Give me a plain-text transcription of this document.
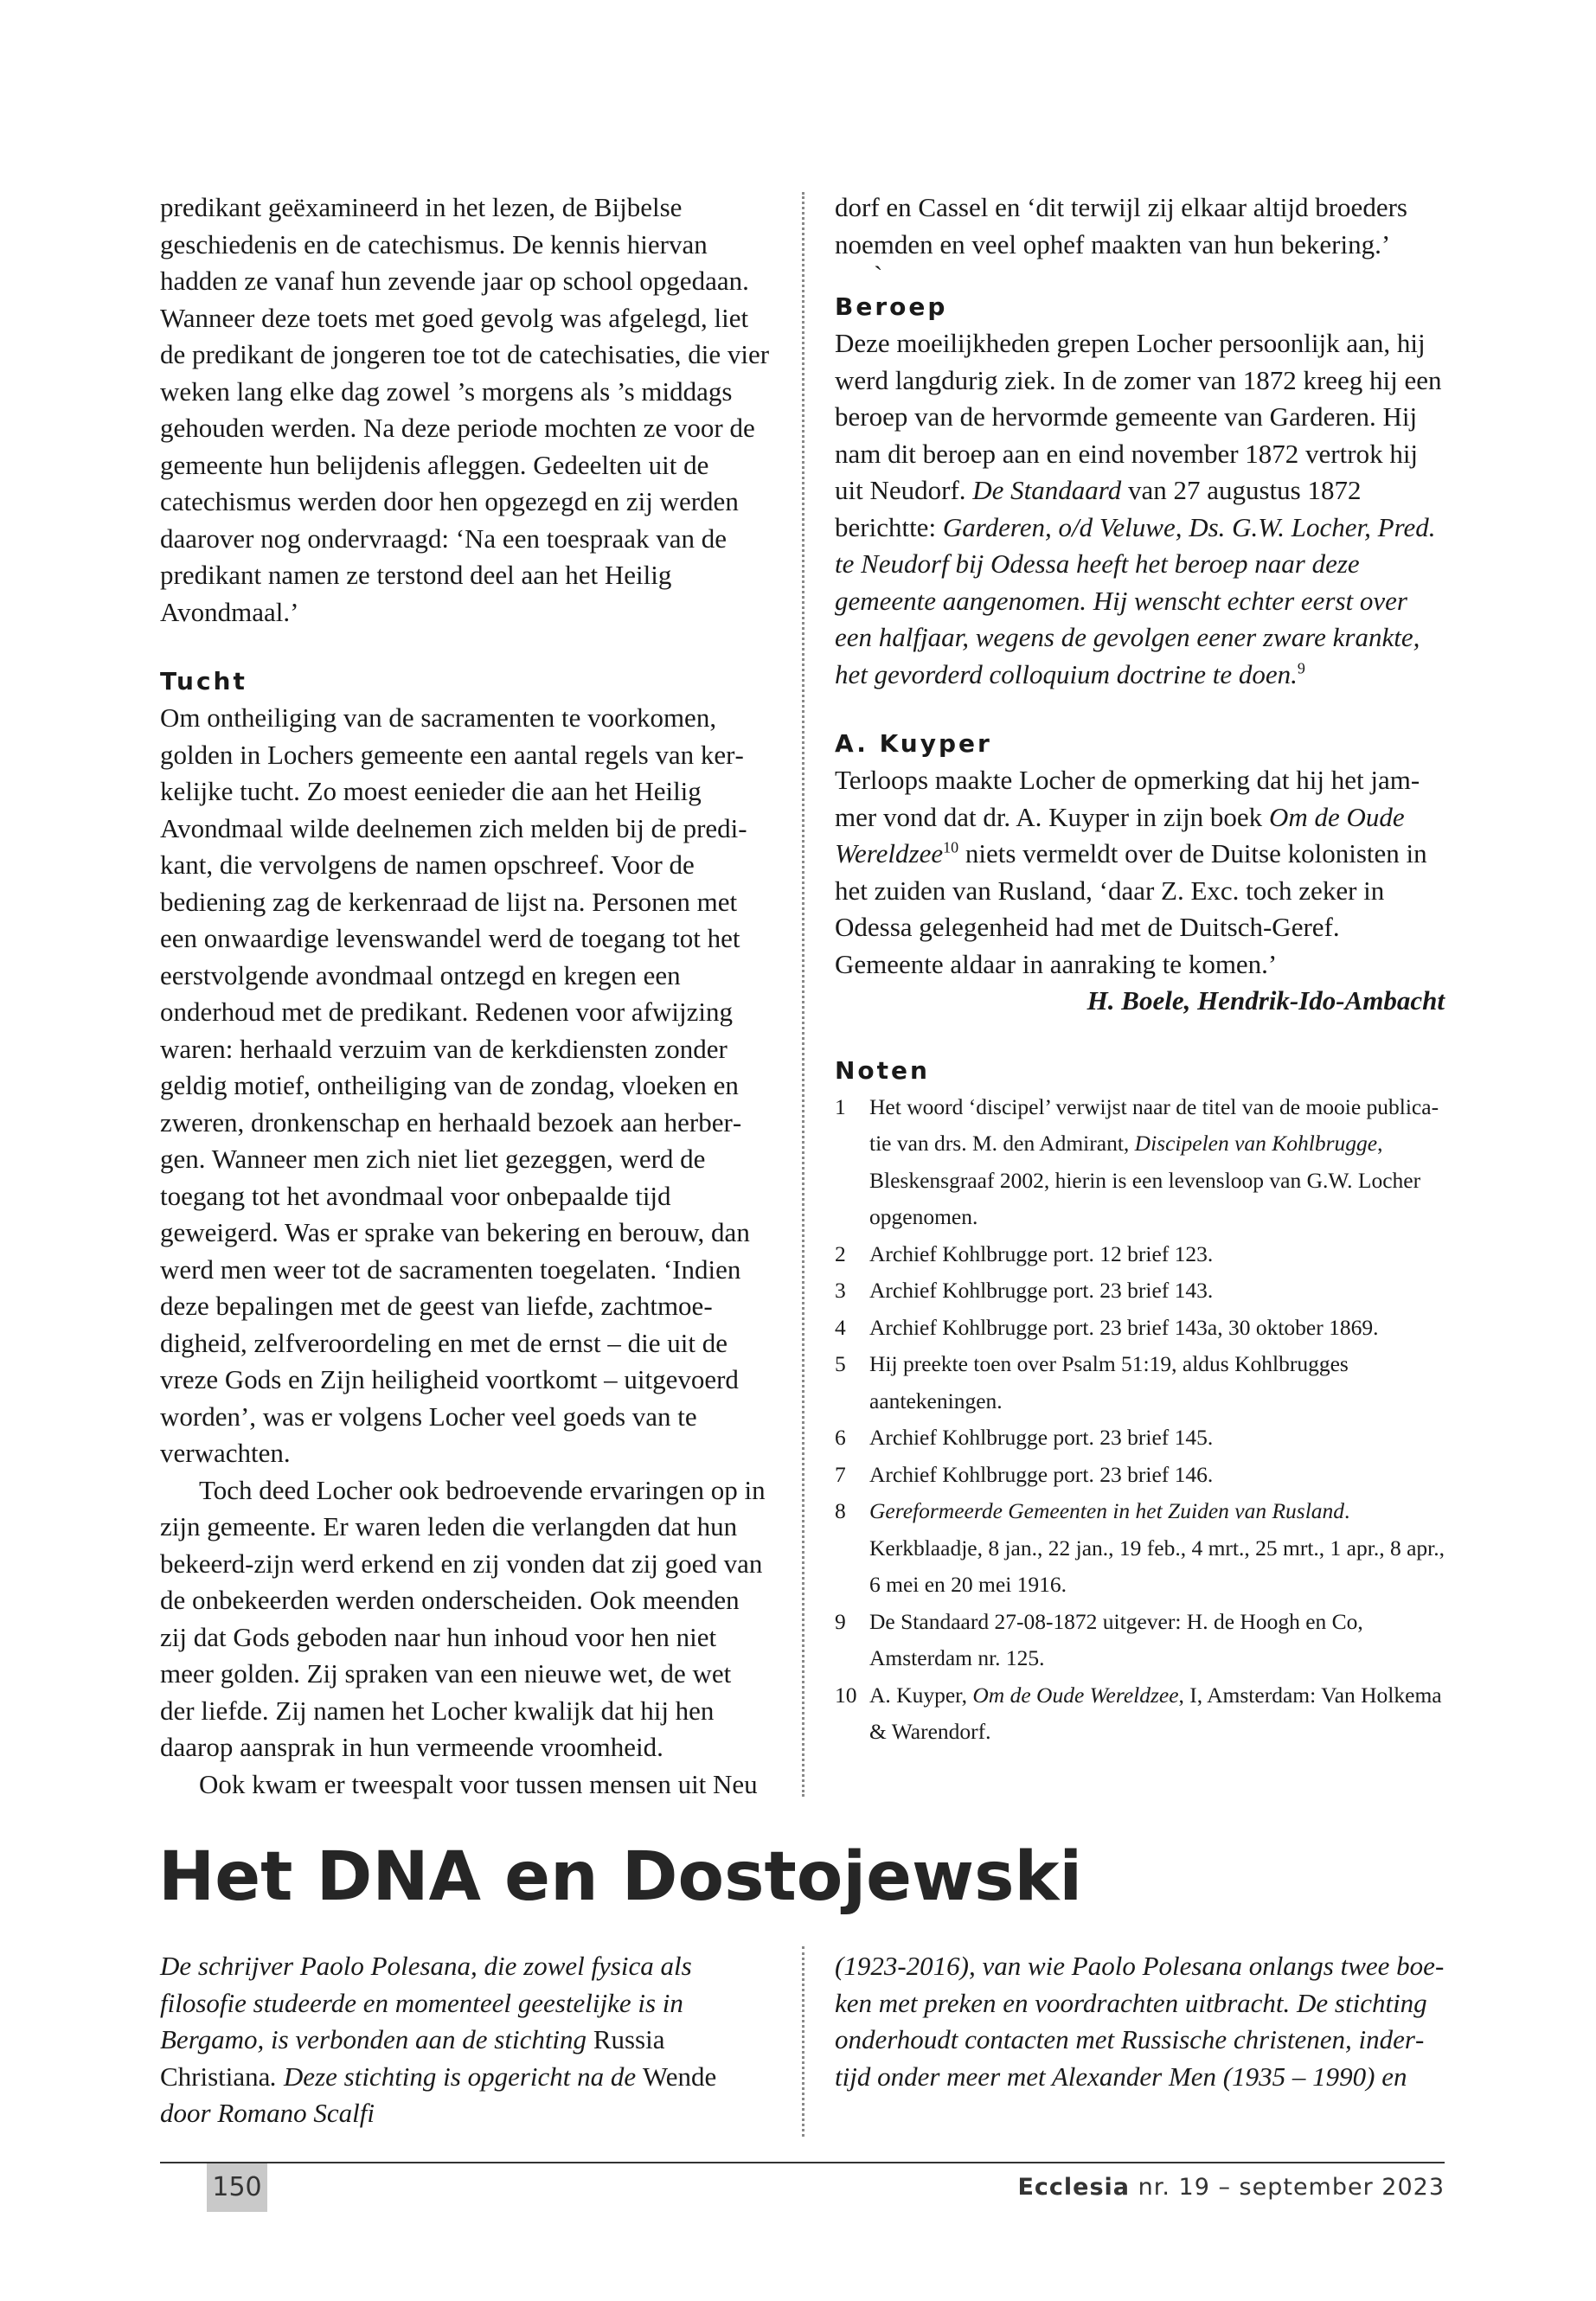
predikant geëxamineerd in het lezen, de Bijbelse geschiedenis en de catechismus. De kennis hiervan hadden ze vanaf hun zevende jaar op school opgedaan. Wanneer deze toets met goed gevolg was afgelegd, liet de predikant de jongeren toe tot de catechisaties, die vier weken lang elke dag zowel ’s morgens als ’s middags gehouden werden. Na deze periode mochten ze voor de gemeente hun belijdenis afleggen. Gedeelten uit de catechismus werden door hen opgezegd en zij werden daarover nog ondervraagd: ‘Na een toespraak van de predikant namen ze terstond deel aan het Heilig Avondmaal.’

Tucht

Om ontheiliging van de sacramenten te voorkomen, golden in Lochers gemeente een aantal regels van kerkelijke tucht. Zo moest eenieder die aan het Heilig Avondmaal wilde deelnemen zich melden bij de predikant, die vervolgens de namen opschreef. Voor de bediening zag de kerkenraad de lijst na. Personen met een onwaardige levenswandel werd de toegang tot het eerstvolgende avondmaal ontzegd en kregen een onderhoud met de predikant. Redenen voor afwijzing waren: herhaald verzuim van de kerkdiensten zonder geldig motief, ontheiliging van de zondag, vloeken en zweren, dronkenschap en herhaald bezoek aan herbergen. Wanneer men zich niet liet gezeggen, werd de toegang tot het avondmaal voor onbepaalde tijd geweigerd. Was er sprake van bekering en berouw, dan werd men weer tot de sacramenten toegelaten. ‘Indien deze bepalingen met de geest van liefde, zachtmoedigheid, zelfveroordeling en met de ernst – die uit de vreze Gods en Zijn heiligheid voortkomt – uitgevoerd worden’, was er volgens Locher veel goeds van te verwachten.

Toch deed Locher ook bedroevende ervaringen op in zijn gemeente. Er waren leden die verlangden dat hun bekeerd-zijn werd erkend en zij vonden dat zij goed van de onbekeerden werden onderscheiden. Ook meenden zij dat Gods geboden naar hun inhoud voor hen niet meer golden. Zij spraken van een nieuwe wet, de wet der liefde. Zij namen het Locher kwalijk dat hij hen daarop aansprak in hun vermeende vroomheid.

Ook kwam er tweespalt voor tussen mensen uit Neu

dorf en Cassel en ‘dit terwijl zij elkaar altijd broeders noemden en veel ophef maakten van hun bekering.’

`

Beroep

Deze moeilijkheden grepen Locher persoonlijk aan, hij werd langdurig ziek. In de zomer van 1872 kreeg hij een beroep van de hervormde gemeente van Garderen. Hij nam dit beroep aan en eind november 1872 vertrok hij uit Neudorf. De Standaard van 27 augustus 1872 berichtte: Garderen, o/d Veluwe, Ds. G.W. Locher, Pred. te Neudorf bij Odessa heeft het beroep naar deze gemeente aangenomen. Hij wenscht echter eerst over een halfjaar, wegens de gevolgen eener zware krankte, het gevorderd colloquium doctrine te doen.$^9$

A. Kuyper

Terloops maakte Locher de opmerking dat hij het jammer vond dat dr. A. Kuyper in zijn boek Om de Oude Wereldzee$^{10}$ niets vermeldt over de Duitse kolonisten in het zuiden van Rusland, ‘daar Z. Exc. toch zeker in Odessa gelegenheid had met de Duitsch-Geref. Gemeente aldaar in aanraking te komen.’

H. Boele, Hendrik-Ido-Ambacht

Noten
1	Het woord ‘discipel’ verwijst naar de titel van de mooie publicatie van drs. M. den Admirant, Discipelen van Kohlbrugge, Bleskensgraaf 2002, hierin is een levensloop van G.W. Locher opgenomen.
2	Archief Kohlbrugge port. 12 brief 123.
3	Archief Kohlbrugge port. 23 brief 143.
4	Archief Kohlbrugge port. 23 brief 143a, 30 oktober 1869.
5	Hij preekte toen over Psalm 51:19, aldus Kohlbrugges aantekeningen.
6	Archief Kohlbrugge port. 23 brief 145.
7	Archief Kohlbrugge port. 23 brief 146.
8	Gereformeerde Gemeenten in het Zuiden van Rusland. Kerkblaadje, 8 jan., 22 jan., 19 feb., 4 mrt., 25 mrt., 1 apr., 8 apr., 6 mei en 20 mei 1916.
9	De Standaard 27-08-1872 uitgever: H. de Hoogh en Co, Amsterdam nr. 125.
10 A. Kuyper, Om de Oude Wereldzee, I, Amsterdam: Van Holkema & Warendorf.
Het DNA en Dostojewski
De schrijver Paolo Polesana, die zowel fysica als filosofie studeerde en momenteel geestelijke is in Bergamo, is verbonden aan de stichting Russia Christiana. Deze stichting is opgericht na de Wende door Romano Scalfi
(1923-2016), van wie Paolo Polesana onlangs twee boeken met preken en voordrachten uitbracht. De stichting onderhoudt contacten met Russische christenen, indertijd onder meer met Alexander Men (1935 – 1990) en
150	Ecclesia nr. 19 – september 2023
